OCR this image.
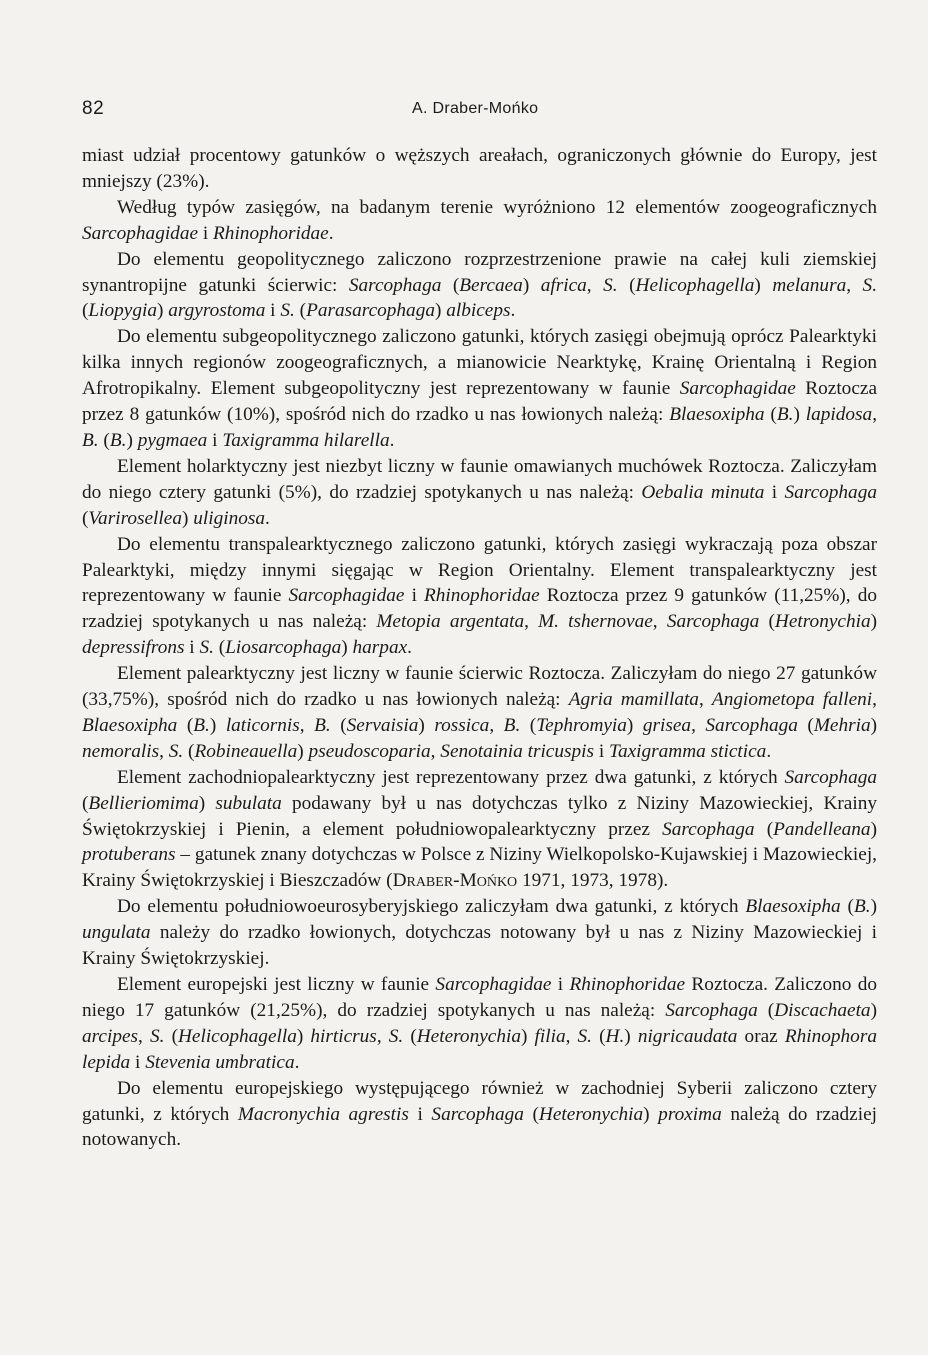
82	A. Draber-Mońko

miast udział procentowy gatunków o węższych areałach, ograniczonych głównie do Europy, jest mniejszy (23%).

Według typów zasięgów, na badanym terenie wyróżniono 12 elementów zoogeograficznych Sarcophagidae i Rhinophoridae.

Do elementu geopolitycznego zaliczono rozprzestrzenione prawie na całej kuli ziemskiej synantropijne gatunki ścierwic: Sarcophaga (Bercaea) africa, S. (Helicophagella) melanura, S. (Liopygia) argyrostoma i S. (Parasarcophaga) albiceps.

Do elementu subgeopolitycznego zaliczono gatunki, których zasięgi obejmują oprócz Palearktyki kilka innych regionów zoogeograficznych, a mianowicie Nearktykę, Krainę Orientalną i Region Afrotropikalny. Element subgeopolityczny jest reprezentowany w faunie Sarcophagidae Roztocza przez 8 gatunków (10%), spośród nich do rzadko u nas łowionych należą: Blaesoxipha (B.) lapidosa, B. (B.) pygmaea i Taxigramma hilarella.

Element holarktyczny jest niezbyt liczny w faunie omawianych muchówek Roztocza. Zaliczyłam do niego cztery gatunki (5%), do rzadziej spotykanych u nas należą: Oebalia minuta i Sarcophaga (Varirosellea) uliginosa.

Do elementu transpalearktycznego zaliczono gatunki, których zasięgi wykraczają poza obszar Palearktyki, między innymi sięgając w Region Orientalny. Element transpalearktyczny jest reprezentowany w faunie Sarcophagidae i Rhinophoridae Roztocza przez 9 gatunków (11,25%), do rzadziej spotykanych u nas należą: Metopia argentata, M. tshernovae, Sarcophaga (Hetronychia) depressifrons i S. (Liosarcophaga) harpax.

Element palearktyczny jest liczny w faunie ścierwic Roztocza. Zaliczyłam do niego 27 gatunków (33,75%), spośród nich do rzadko u nas łowionych należą: Agria mamillata, Angiometopa falleni, Blaesoxipha (B.) laticornis, B. (Servaisia) rossica, B. (Tephromyia) grisea, Sarcophaga (Mehria) nemoralis, S. (Robineauella) pseudoscoparia, Senotainia tricuspis i Taxigramma stictica.

Element zachodniopalearktyczny jest reprezentowany przez dwa gatunki, z których Sarcophaga (Bellieriomima) subulata podawany był u nas dotychczas tylko z Niziny Mazowieckiej, Krainy Świętokrzyskiej i Pienin, a element południowopalearktyczny przez Sarcophaga (Pandelleana) protuberans – gatunek znany dotychczas w Polsce z Niziny Wielkopolsko-Kujawskiej i Mazowieckiej, Krainy Świętokrzyskiej i Bieszczadów (Draber-Mońko 1971, 1973, 1978).

Do elementu południowoeurosyberyjskiego zaliczyłam dwa gatunki, z których Blaesoxipha (B.) ungulata należy do rzadko łowionych, dotychczas notowany był u nas z Niziny Mazowieckiej i Krainy Świętokrzyskiej.

Element europejski jest liczny w faunie Sarcophagidae i Rhinophoridae Roztocza. Zaliczono do niego 17 gatunków (21,25%), do rzadziej spotykanych u nas należą: Sarcophaga (Discachaeta) arcipes, S. (Helicophagella) hirticrus, S. (Heteronychia) filia, S. (H.) nigricaudata oraz Rhinophora lepida i Stevenia umbratica.

Do elementu europejskiego występującego również w zachodniej Syberii zaliczono cztery gatunki, z których Macronychia agrestis i Sarcophaga (Heteronychia) proxima należą do rzadziej notowanych.
